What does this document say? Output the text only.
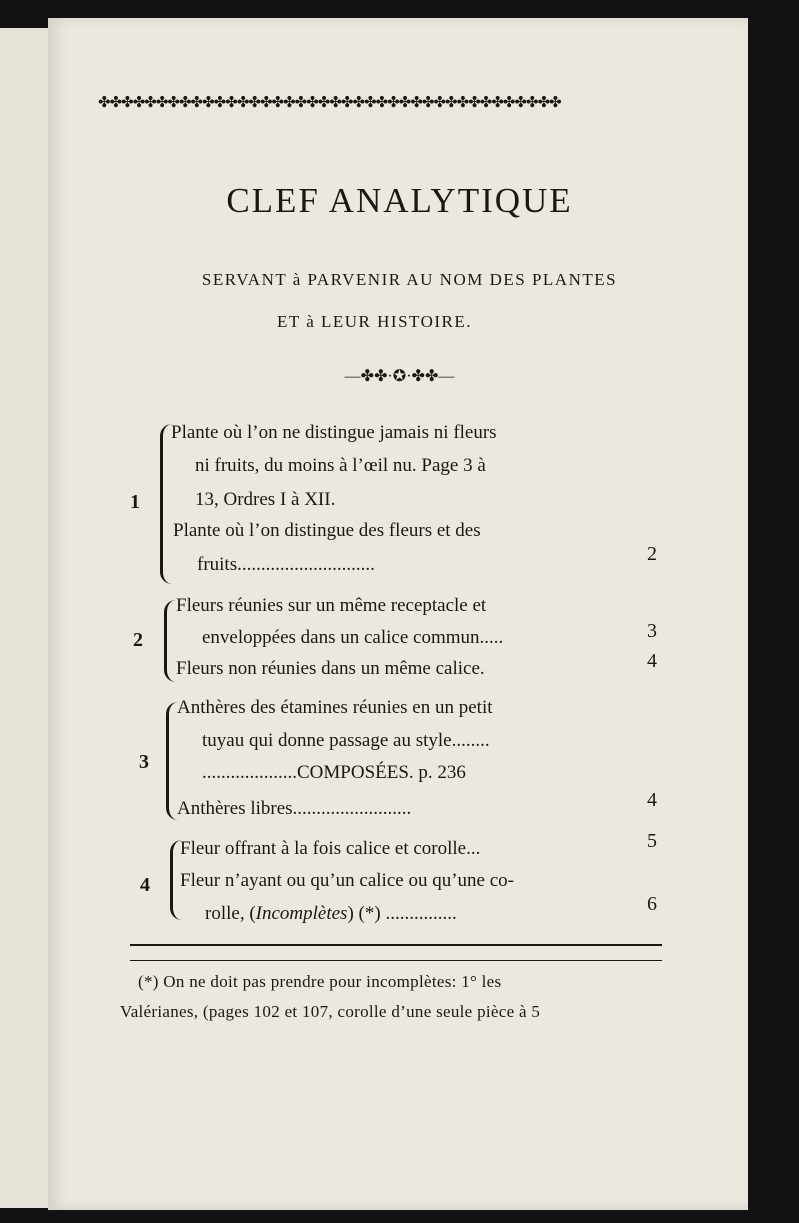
✤✤✤✤✤✤✤✤✤✤✤✤✤✤✤✤✤✤✤✤✤✤✤✤✤✤✤✤✤✤✤✤✤✤✤✤✤✤✤✤
CLEF ANALYTIQUE
SERVANT à PARVENIR AU NOM DES PLANTES
ET à LEUR HISTOIRE.
—✤✤·✪·✤✤—
1
Plante où l’on ne distingue jamais ni fleurs
ni fruits, du moins à l’œil nu. Page 3 à
13, Ordres I à XII.
Plante où l’on distingue des fleurs et des
fruits.............................	2
2
Fleurs réunies sur un même receptacle et
enveloppées dans un calice commun.....	3
Fleurs non réunies dans un même calice.	4
3
Anthères des étamines réunies en un petit
tuyau qui donne passage au style........
....................COMPOSÉES. p. 236
Anthères libres.........................	4
4
Fleur offrant à la fois calice et corolle...	5
Fleur n’ayant ou qu’un calice ou qu’une co-
rolle, (Incomplètes) (*) ...............	6
(*) On ne doit pas prendre pour incomplètes: 1° les
Valérianes, (pages 102 et 107, corolle d’une seule pièce à 5
